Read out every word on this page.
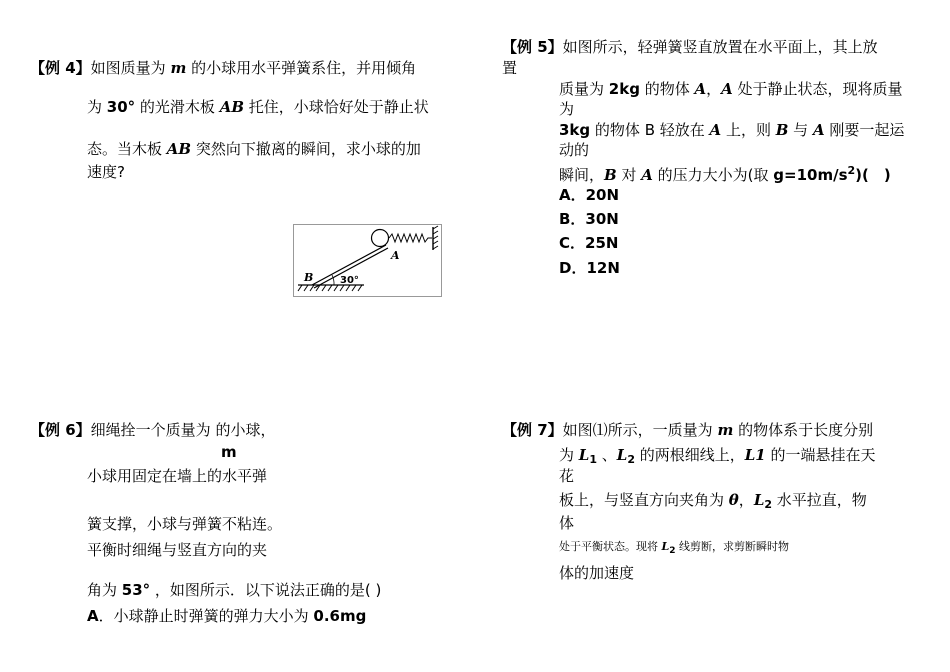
【例 4】如图质量为 m 的小球用水平弹簧系住，并用倾角
为 30° 的光滑木板 AB 托住，小球恰好处于静止状
态。当木板 AB 突然向下撤离的瞬间，求小球的加
速度?
B
A
30°
【例 5】如图所示，轻弹簧竖直放置在水平面上，其上放
置
质量为 2kg 的物体 A，A 处于静止状态，现将质量
为
3kg 的物体 B 轻放在 A 上，则 B 与 A 刚要一起运
动的
瞬间，B 对 A 的压力大小为(取 $g=10m/s^2$)(　)
A．20N
B．30N
C．25N
D．12N
【例 6】细绳拴一个质量为 的小球，
m
小球用固定在墙上的水平弹
簧支撑，小球与弹簧不粘连。
平衡时细绳与竖直方向的夹
角为 53° ，如图所示．以下说法正确的是( )
A．小球静止时弹簧的弹力大小为 0.6mg
【例 7】如图⑴所示，一质量为 m 的物体系于长度分别
为 $L_1$ 、$L_2$ 的两根细线上，L1 的一端悬挂在天
花
板上，与竖直方向夹角为 θ，$L_2$ 水平拉直，物
体
处于平衡状态。现将 $L_2$ 线剪断，求剪断瞬时物
体的加速度
